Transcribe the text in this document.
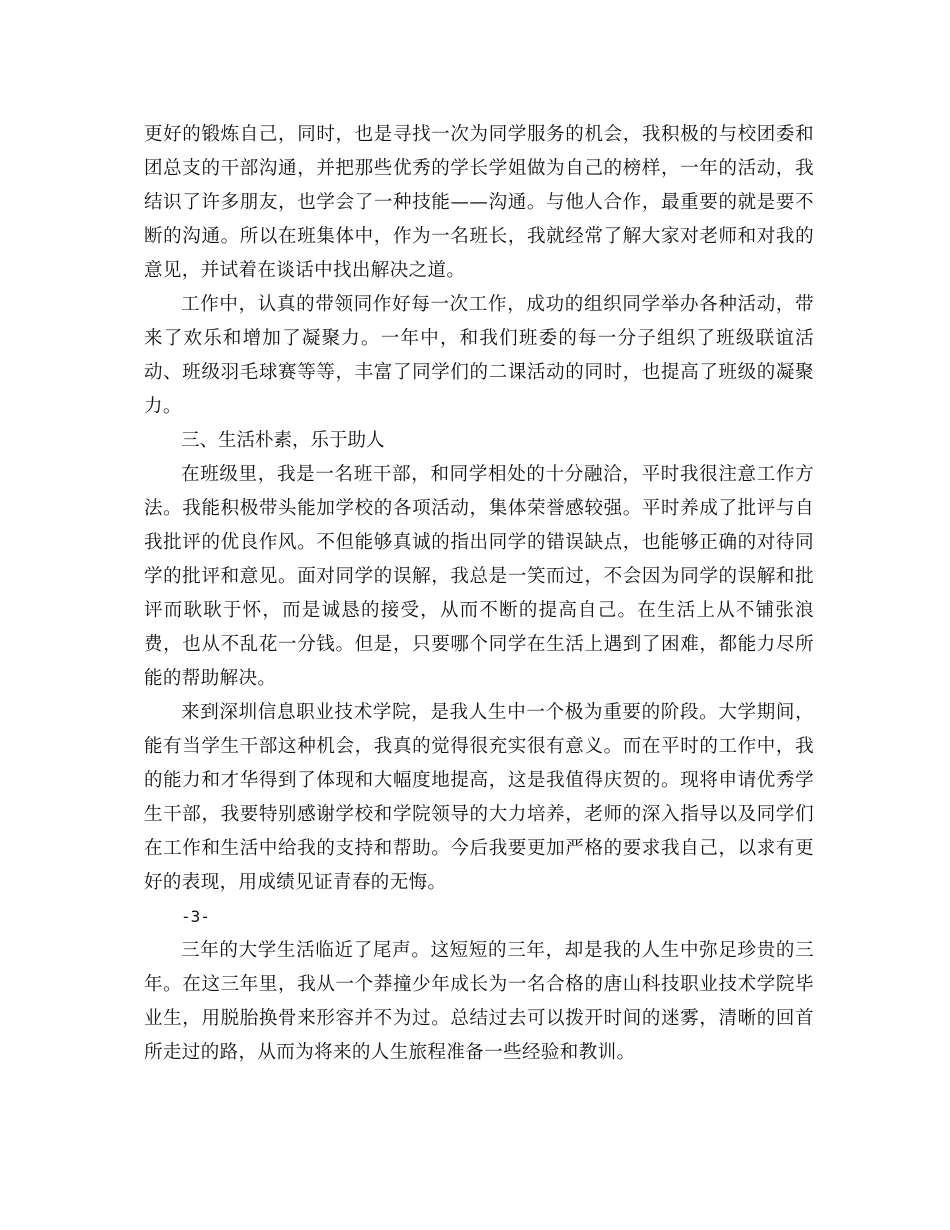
更好的锻炼自己，同时，也是寻找一次为同学服务的机会，我积极的与校团委和团总支的干部沟通，并把那些优秀的学长学姐做为自己的榜样，一年的活动，我结识了许多朋友，也学会了一种技能——沟通。与他人合作，最重要的就是要不断的沟通。所以在班集体中，作为一名班长，我就经常了解大家对老师和对我的意见，并试着在谈话中找出解决之道。

工作中，认真的带领同作好每一次工作，成功的组织同学举办各种活动，带来了欢乐和增加了凝聚力。一年中，和我们班委的每一分子组织了班级联谊活动、班级羽毛球赛等等，丰富了同学们的二课活动的同时，也提高了班级的凝聚力。

三、生活朴素，乐于助人

在班级里，我是一名班干部，和同学相处的十分融洽，平时我很注意工作方法。我能积极带头能加学校的各项活动，集体荣誉感较强。平时养成了批评与自我批评的优良作风。不但能够真诚的指出同学的错误缺点，也能够正确的对待同学的批评和意见。面对同学的误解，我总是一笑而过，不会因为同学的误解和批评而耿耿于怀，而是诚恳的接受，从而不断的提高自己。在生活上从不铺张浪费，也从不乱花一分钱。但是，只要哪个同学在生活上遇到了困难，都能力尽所能的帮助解决。

来到深圳信息职业技术学院，是我人生中一个极为重要的阶段。大学期间，能有当学生干部这种机会，我真的觉得很充实很有意义。而在平时的工作中，我的能力和才华得到了体现和大幅度地提高，这是我值得庆贺的。现将申请优秀学生干部，我要特别感谢学校和学院领导的大力培养，老师的深入指导以及同学们在工作和生活中给我的支持和帮助。今后我要更加严格的要求我自己，以求有更好的表现，用成绩见证青春的无悔。

-3-

三年的大学生活临近了尾声。这短短的三年，却是我的人生中弥足珍贵的三年。在这三年里，我从一个莽撞少年成长为一名合格的唐山科技职业技术学院毕业生，用脱胎换骨来形容并不为过。总结过去可以拨开时间的迷雾，清晰的回首所走过的路，从而为将来的人生旅程准备一些经验和教训。
